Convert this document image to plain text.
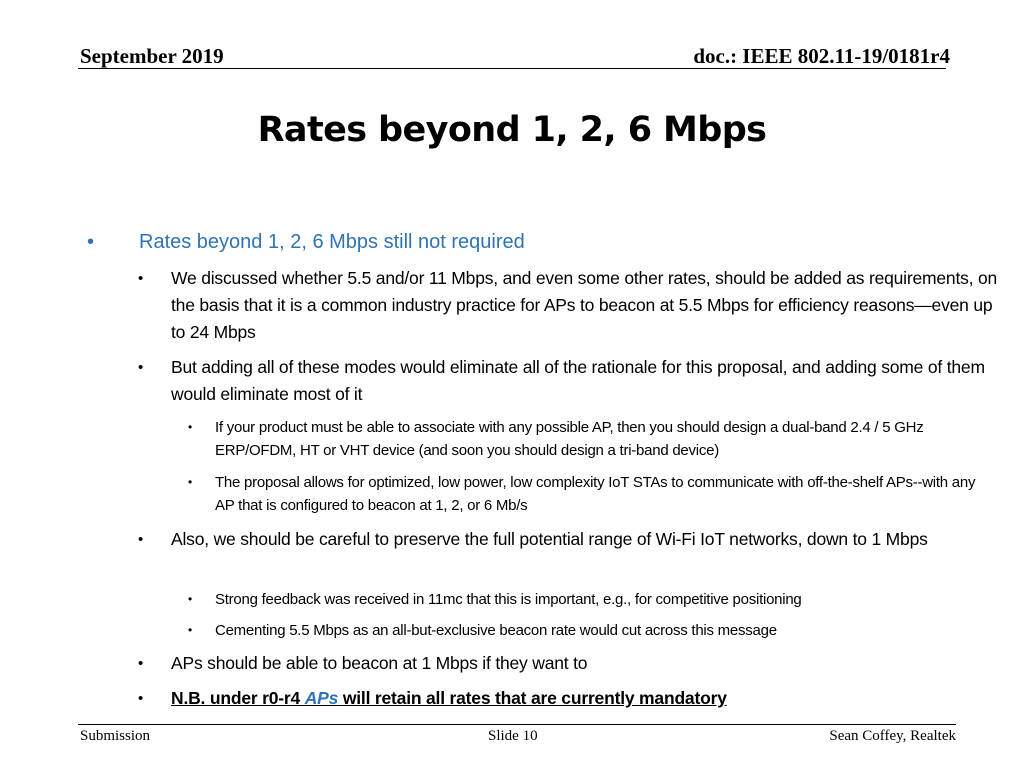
September 2019	doc.: IEEE 802.11-19/0181r4
Rates beyond 1, 2, 6 Mbps
• Rates beyond 1, 2, 6 Mbps still not required
• We discussed whether 5.5 and/or 11 Mbps, and even some other rates, should be added as requirements, on the basis that it is a common industry practice for APs to beacon at 5.5 Mbps for efficiency reasons—even up to 24 Mbps
• But adding all of these modes would eliminate all of the rationale for this proposal, and adding some of them would eliminate most of it
• If your product must be able to associate with any possible AP, then you should design a dual-band 2.4 / 5 GHz ERP/OFDM, HT or VHT device (and soon you should design a tri-band device)
• The proposal allows for optimized, low power, low complexity IoT STAs to communicate with off-the-shelf APs--with any AP that is configured to beacon at 1, 2, or 6 Mb/s
• Also, we should be careful to preserve the full potential range of Wi-Fi IoT networks, down to 1 Mbps
• Strong feedback was received in 11mc that this is important, e.g., for competitive positioning
• Cementing 5.5 Mbps as an all-but-exclusive beacon rate would cut across this message
• APs should be able to beacon at 1 Mbps if they want to
• N.B. under r0-r4 APs will retain all rates that are currently mandatory
Submission	Slide 10	Sean Coffey, Realtek
